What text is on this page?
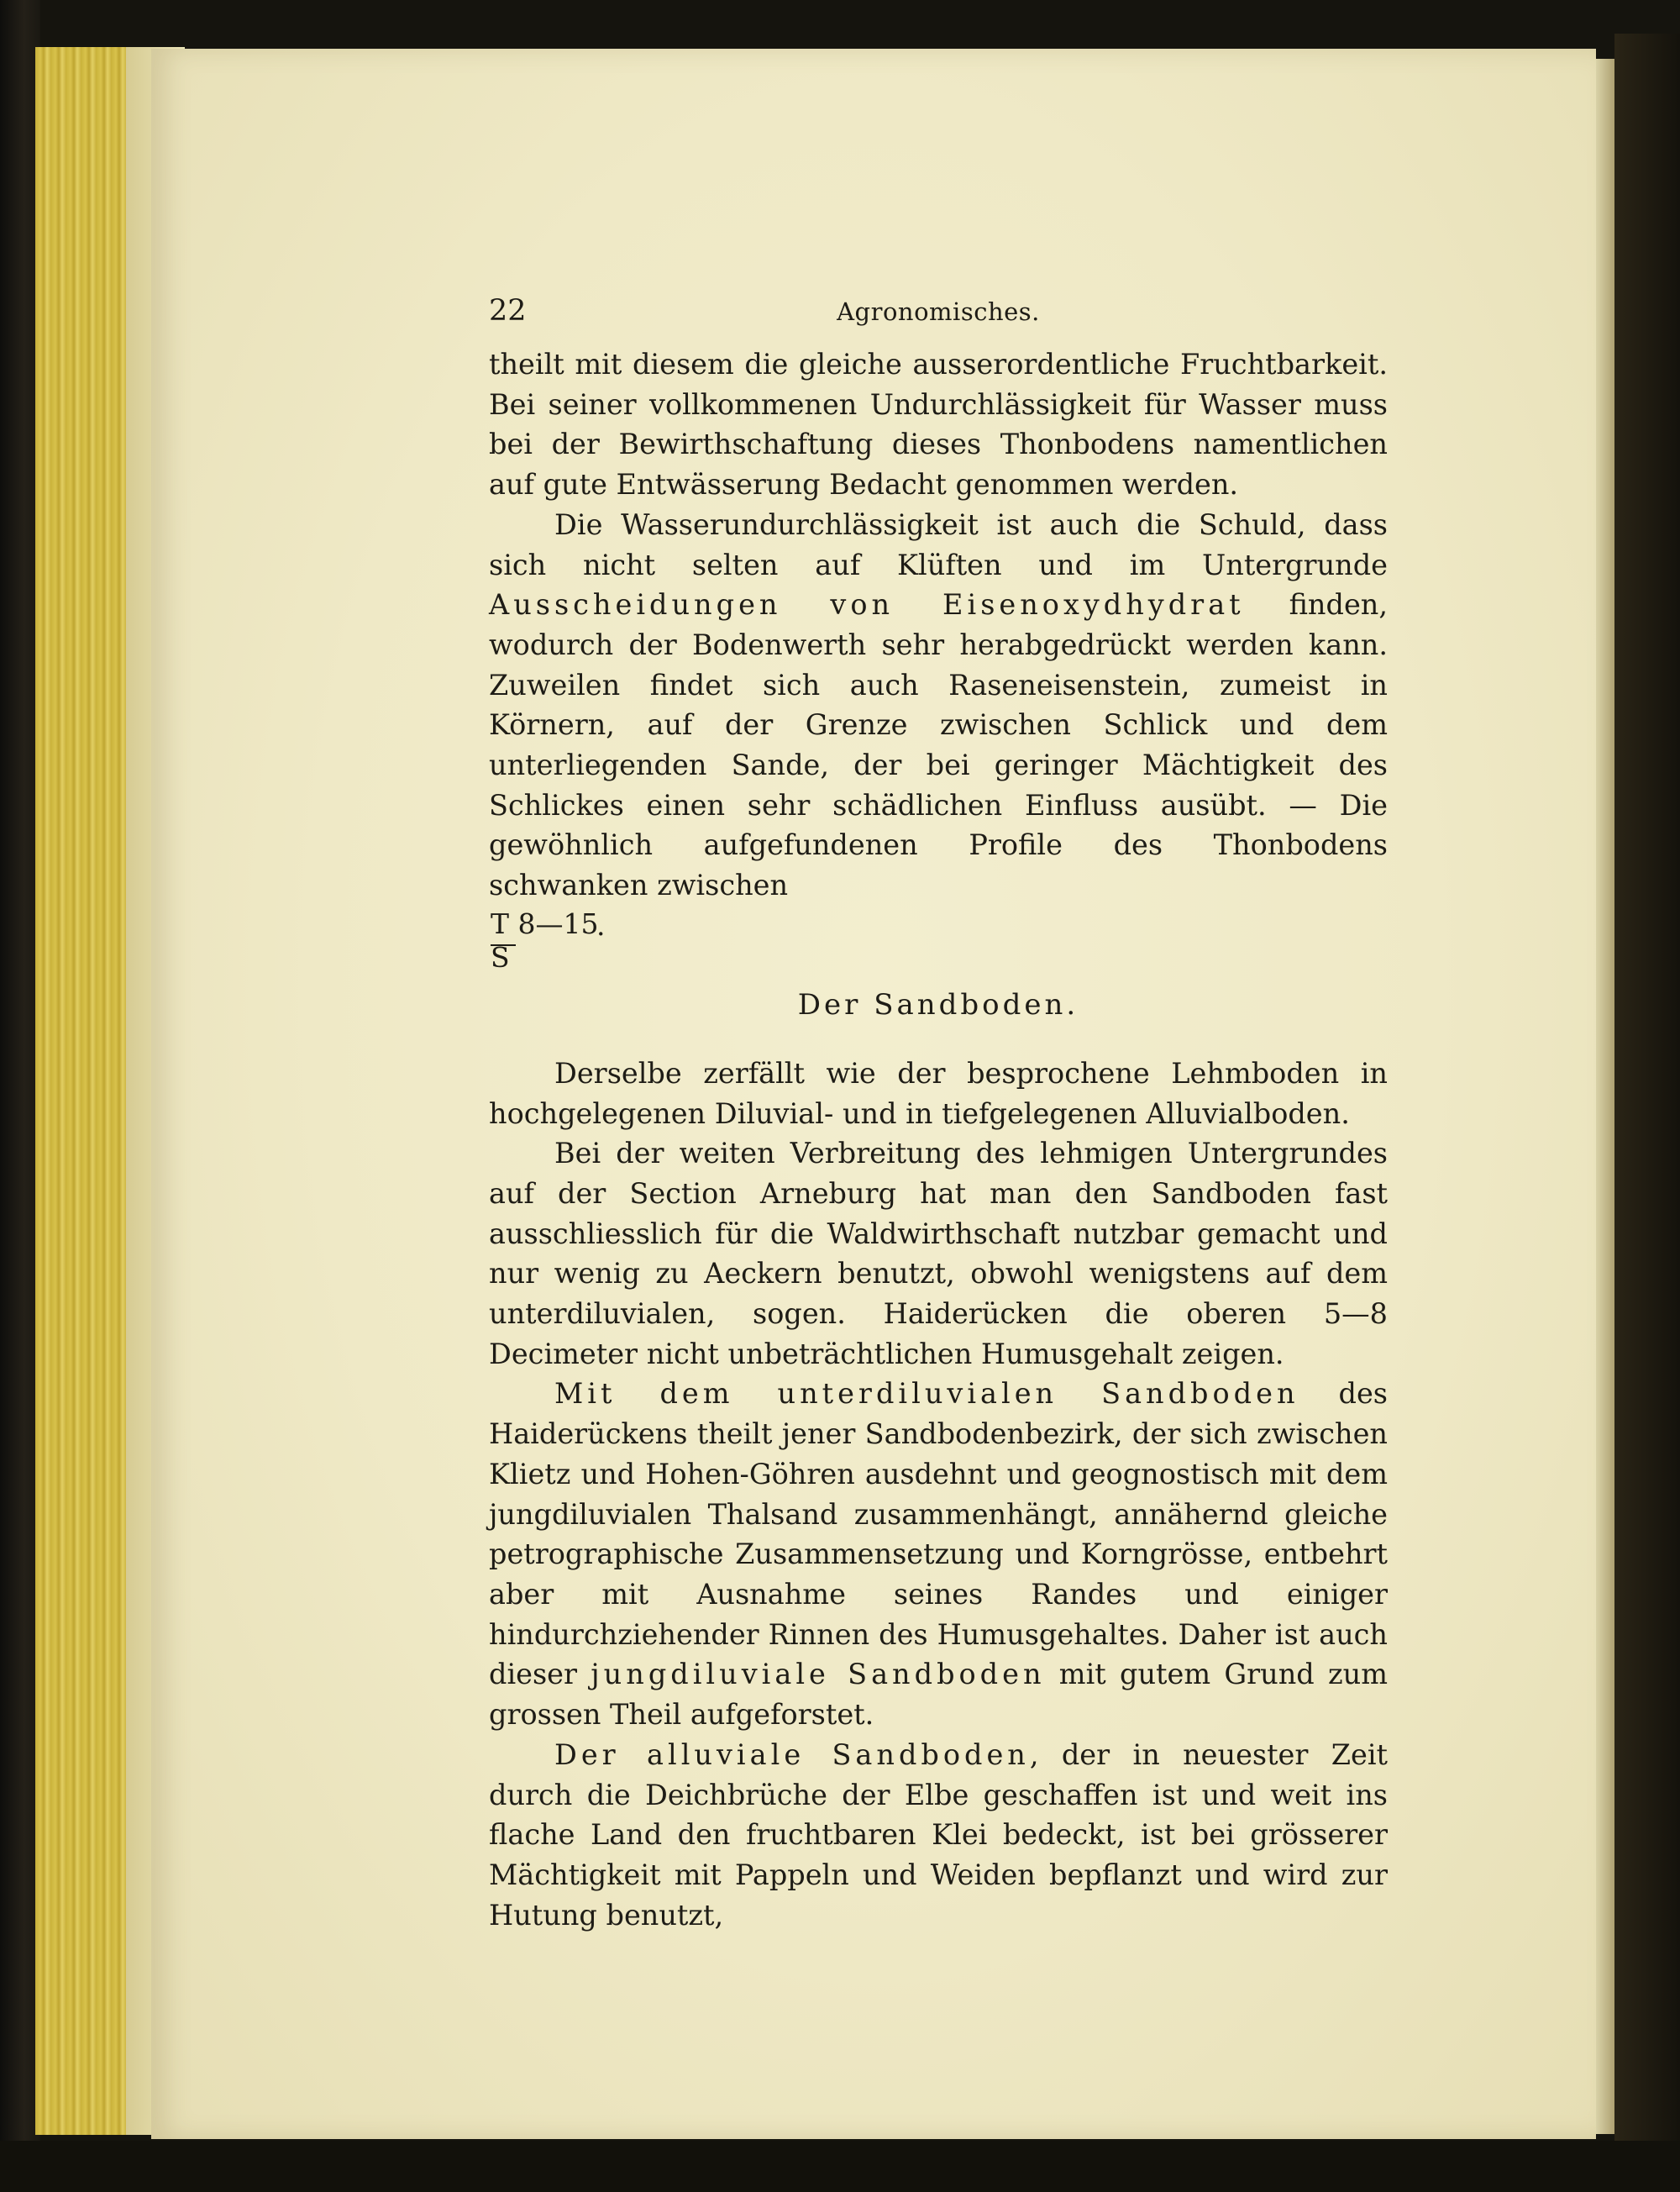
22	Agronomisches.

theilt mit diesem die gleiche ausserordentliche Fruchtbarkeit. Bei seiner vollkommenen Undurchlässigkeit für Wasser muss bei der Bewirthschaftung dieses Thonbodens namentlichen auf gute Entwässerung Bedacht genommen werden.

Die Wasserundurchlässigkeit ist auch die Schuld, dass sich nicht selten auf Klüften und im Untergrunde Ausscheidungen von Eisenoxydhydrat finden, wodurch der Bodenwerth sehr herabgedrückt werden kann. Zuweilen findet sich auch Raseneisenstein, zumeist in Körnern, auf der Grenze zwischen Schlick und dem unterliegenden Sande, der bei geringer Mächtigkeit des Schlickes einen sehr schädlichen Einfluss ausübt. — Die gewöhnlich aufgefundenen Profile des Thonbodens schwanken zwischen

T 8—15
S
.
Der Sandboden.

Derselbe zerfällt wie der besprochene Lehmboden in hochgelegenen Diluvial- und in tiefgelegenen Alluvialboden.

Bei der weiten Verbreitung des lehmigen Untergrundes auf der Section Arneburg hat man den Sandboden fast ausschliesslich für die Waldwirthschaft nutzbar gemacht und nur wenig zu Aeckern benutzt, obwohl wenigstens auf dem unterdiluvialen, sogen. Haiderücken die oberen 5—8 Decimeter nicht unbeträchtlichen Humusgehalt zeigen.

Mit dem unterdiluvialen Sandboden des Haiderückens theilt jener Sandbodenbezirk, der sich zwischen Klietz und Hohen-Göhren ausdehnt und geognostisch mit dem jungdiluvialen Thalsand zusammenhängt, annähernd gleiche petrographische Zusammensetzung und Korngrösse, entbehrt aber mit Ausnahme seines Randes und einiger hindurchziehender Rinnen des Humusgehaltes. Daher ist auch dieser jungdiluviale Sandboden mit gutem Grund zum grossen Theil aufgeforstet.

Der alluviale Sandboden, der in neuester Zeit durch die Deichbrüche der Elbe geschaffen ist und weit ins flache Land den fruchtbaren Klei bedeckt, ist bei grösserer Mächtigkeit mit Pappeln und Weiden bepflanzt und wird zur Hutung benutzt,
